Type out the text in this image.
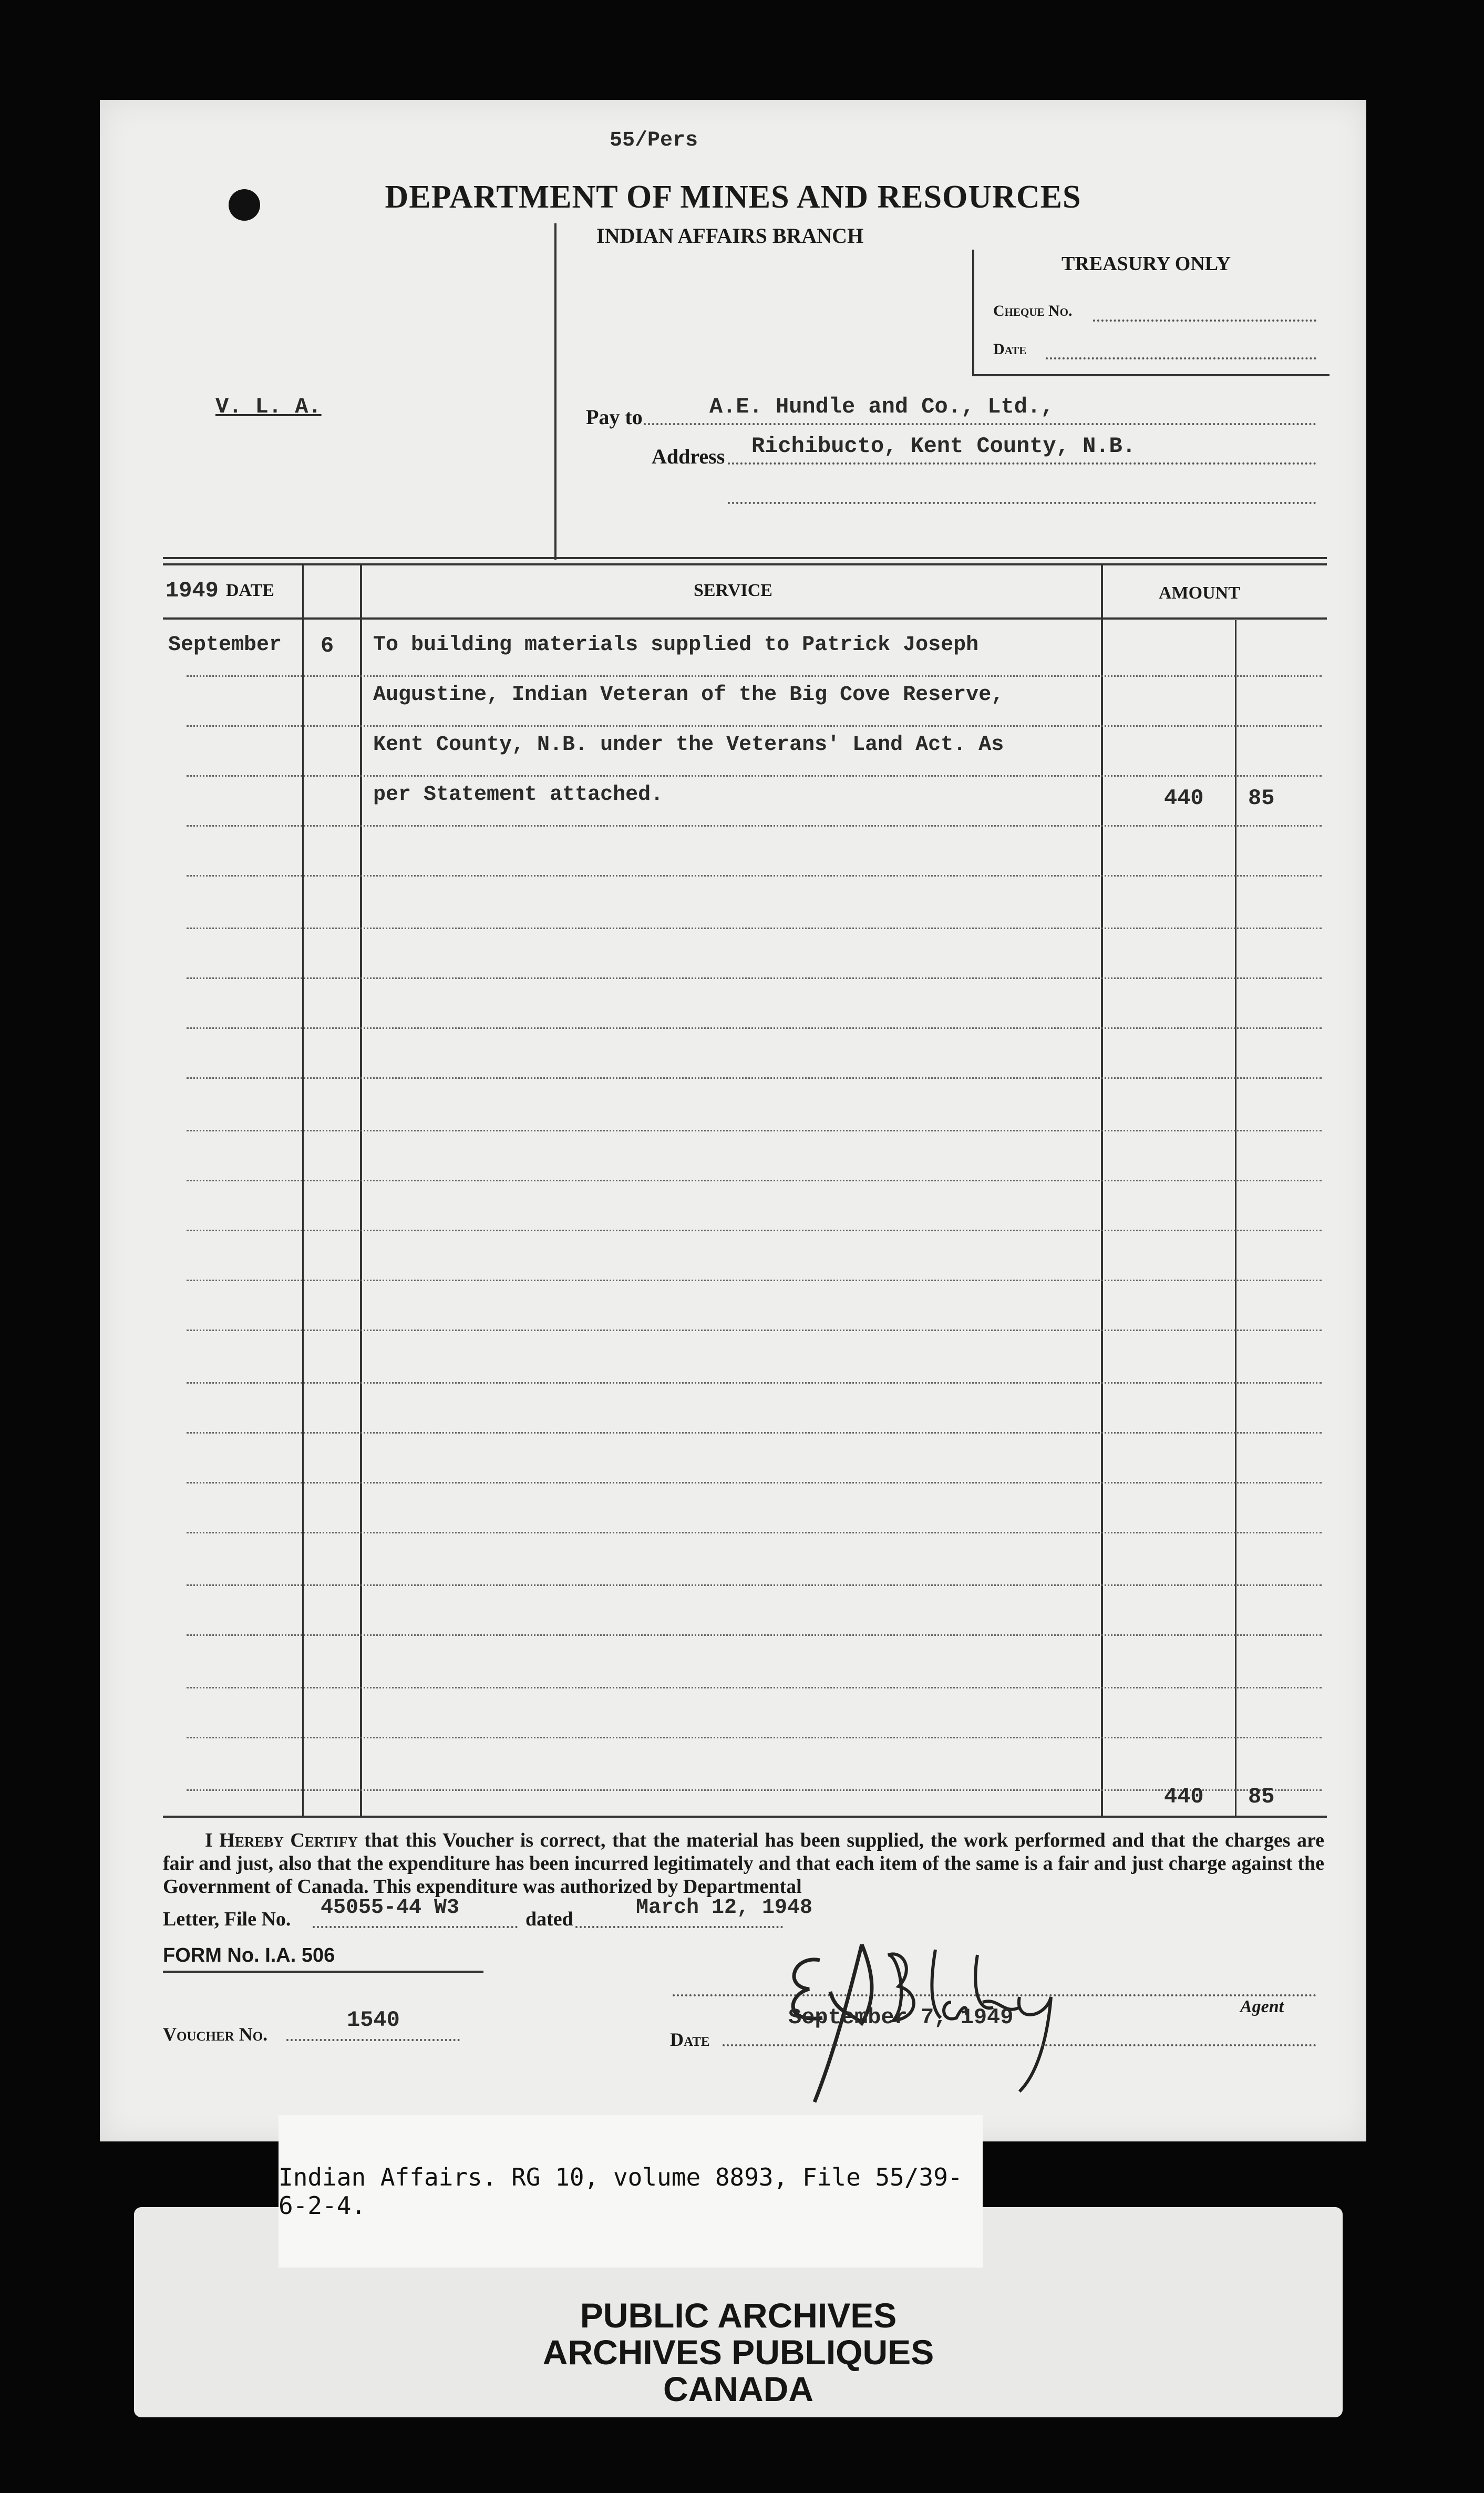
55/Pers
DEPARTMENT OF MINES AND RESOURCES
INDIAN AFFAIRS BRANCH
TREASURY ONLY
Cheque No.
Date
V. L. A.	Pay to	A.E. Hundle and Co., Ltd.,
Address Richibucto, Kent County, N.B.
1949 DATE	SERVICE	AMOUNT
September 6 To building materials supplied to Patrick Joseph
Augustine, Indian Veteran of the Big Cove Reserve,
Kent County, N.B. under the Veterans' Land Act. As
per Statement attached.	440 85
440 85
I Hereby Certify that this Voucher is correct, that the material has been supplied, the work performed and that the charges are fair and just, also that the expenditure has been incurred legitimately and that each item of the same is a fair and just charge against the Government of Canada. This expenditure was authorized by Departmental
Letter, File No. 45055-44 W3	dated	March 12, 1948
FORM No. I.A. 506
Voucher No.
1540
Date
September 7, 1949	Agent
PUBLIC ARCHIVES
ARCHIVES PUBLIQUES
CANADA
Indian Affairs. RG 10, volume 8893, File 55/39-6-2-4.
